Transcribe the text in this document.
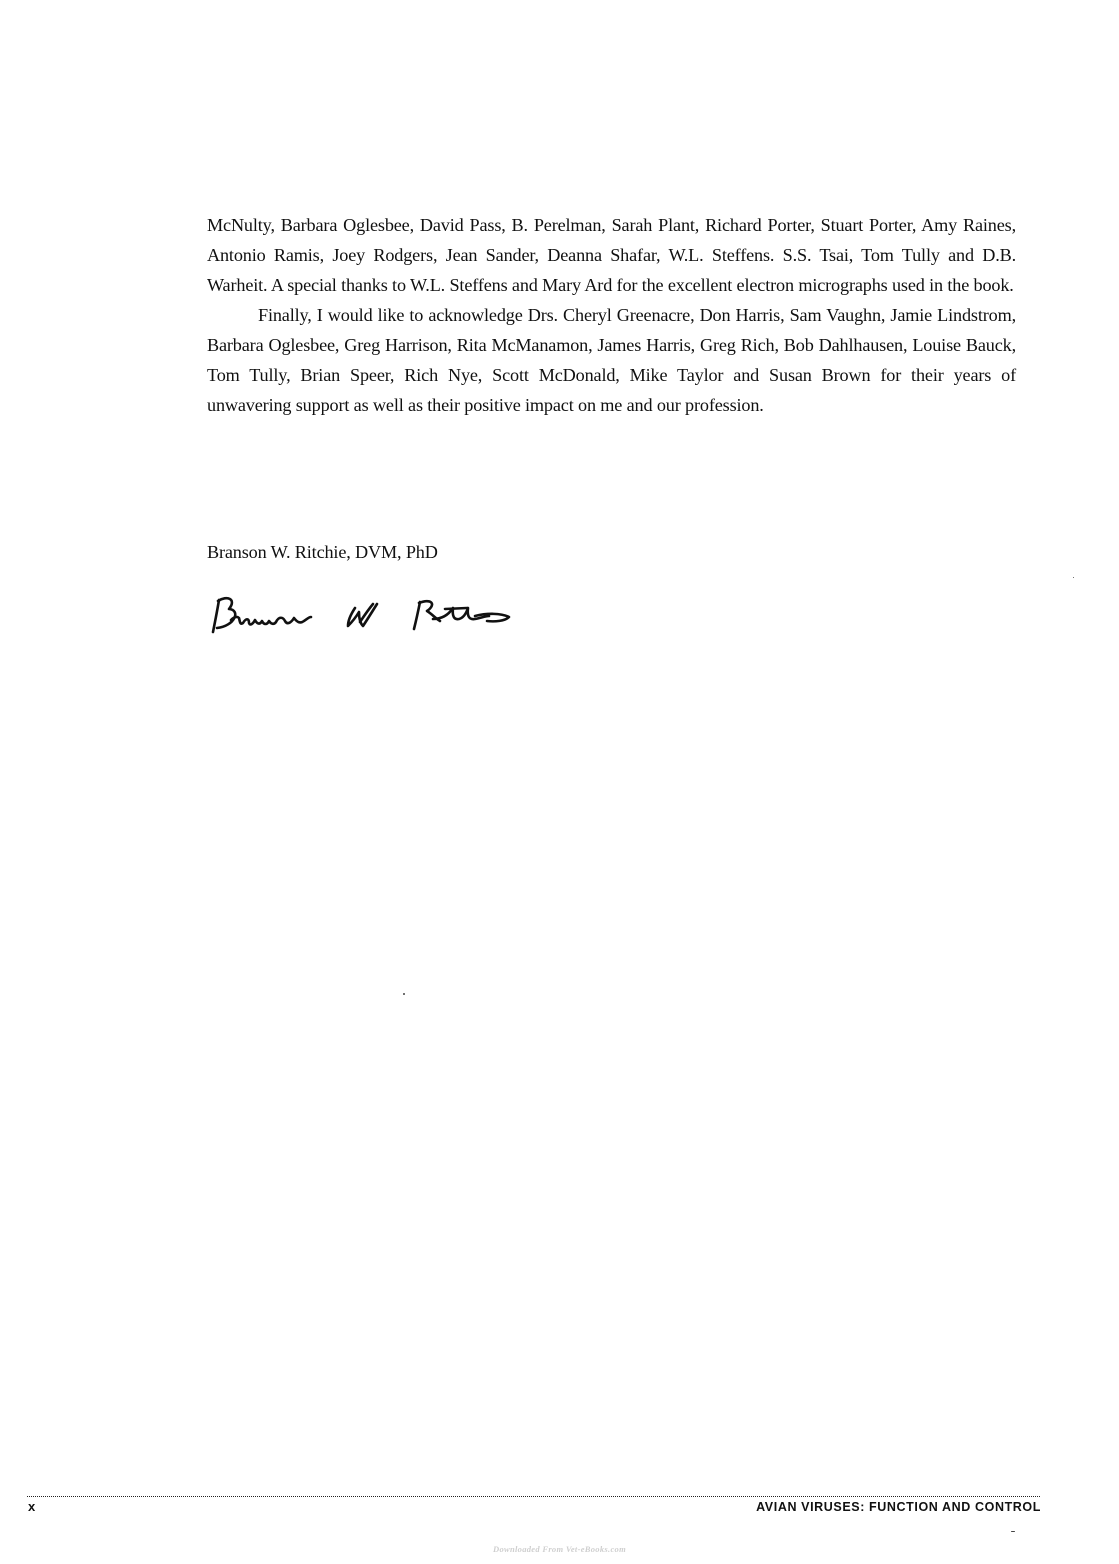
McNulty, Barbara Oglesbee, David Pass, B. Perelman, Sarah Plant, Richard Porter, Stuart Porter, Amy Raines, Antonio Ramis, Joey Rodgers, Jean Sander, Deanna Shafar, W.L. Steffens. S.S. Tsai, Tom Tully and D.B. Warheit. A special thanks to W.L. Steffens and Mary Ard for the excellent electron micrographs used in the book.

Finally, I would like to acknowledge Drs. Cheryl Greenacre, Don Harris, Sam Vaughn, Jamie Lindstrom, Barbara Oglesbee, Greg Harrison, Rita McManamon, James Harris, Greg Rich, Bob Dahlhausen, Louise Bauck, Tom Tully, Brian Speer, Rich Nye, Scott McDonald, Mike Taylor and Susan Brown for their years of unwavering support as well as their positive impact on me and our profession.

Branson W. Ritchie, DVM, PhD
x	AVIAN VIRUSES: FUNCTION AND CONTROL
Downloaded From Vet-eBooks.com
